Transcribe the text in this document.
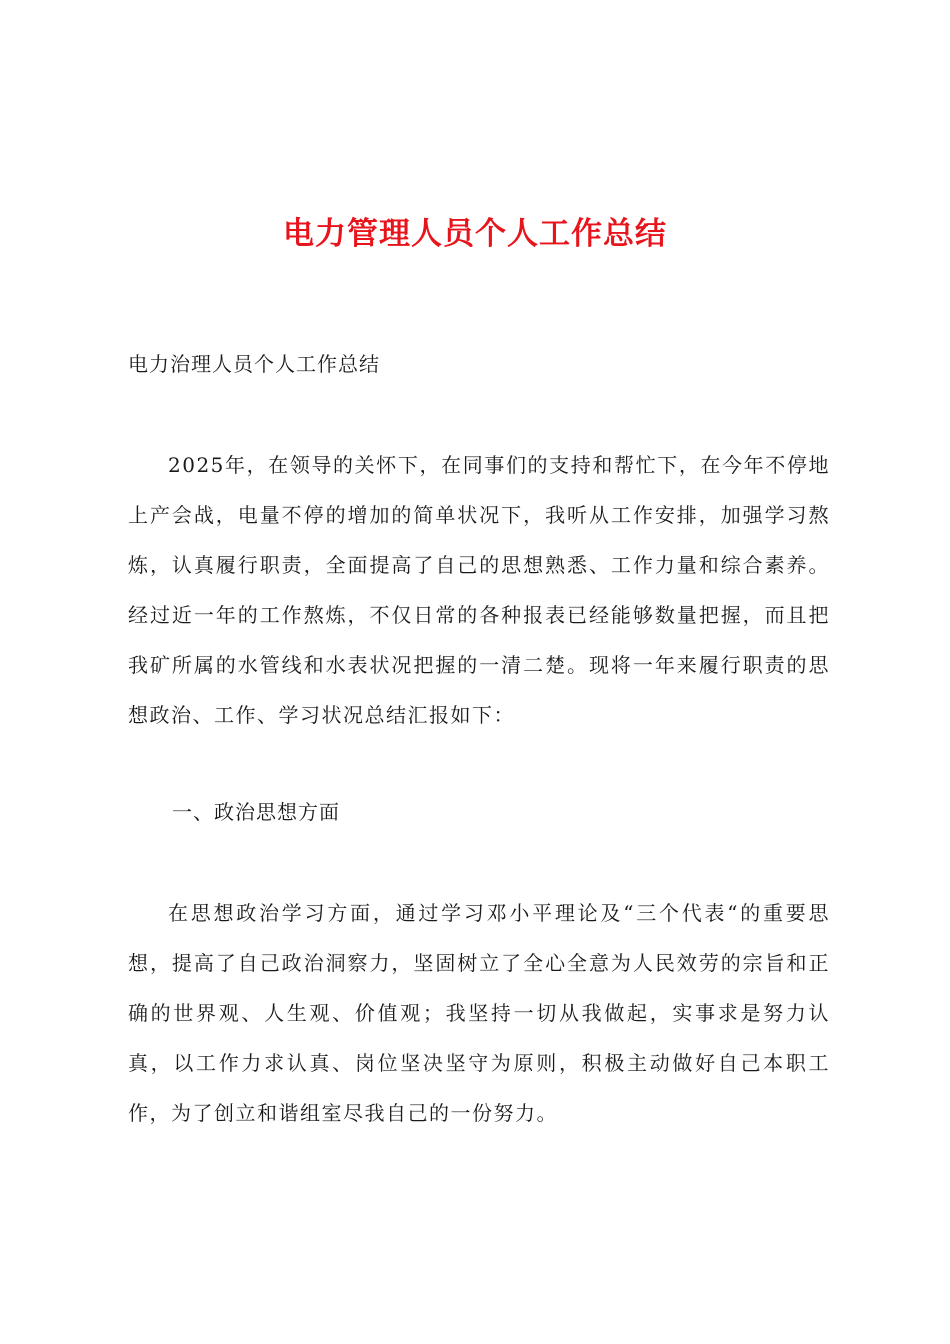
电力管理人员个人工作总结
电力治理人员个人工作总结

2025年，在领导的关怀下，在同事们的支持和帮忙下，在今年不停地上产会战，电量不停的增加的简单状况下，我听从工作安排，加强学习熬炼，认真履行职责，全面提高了自己的思想熟悉、工作力量和综合素养。经过近一年的工作熬炼，不仅日常的各种报表已经能够数量把握，而且把我矿所属的水管线和水表状况把握的一清二楚。现将一年来履行职责的思想政治、工作、学习状况总结汇报如下：

一、政治思想方面

在思想政治学习方面，通过学习邓小平理论及“三个代表“的重要思想，提高了自己政治洞察力，坚固树立了全心全意为人民效劳的宗旨和正确的世界观、人生观、价值观；我坚持一切从我做起，实事求是努力认真，以工作力求认真、岗位坚决坚守为原则，积极主动做好自己本职工作，为了创立和谐组室尽我自己的一份努力。
